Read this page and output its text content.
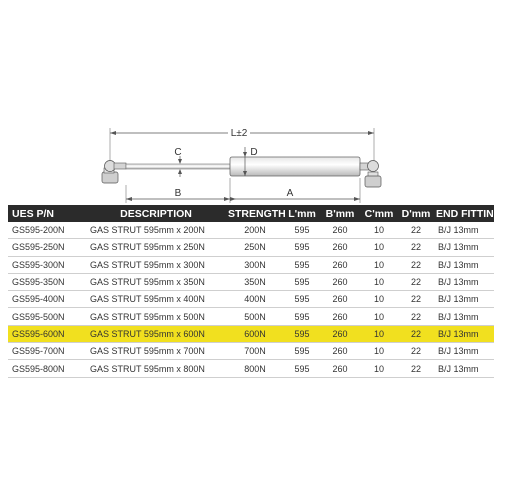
L±2
C	D
B	A
UES P/N	DESCRIPTION	STRENGTH	L'mm	B'mm	C'mm	D'mm	END FITTINGS
GS595-200N	GAS STRUT 595mm x 200N	200N	595	260	10	22	B/J 13mm
GS595-250N	GAS STRUT 595mm x 250N	250N	595	260	10	22	B/J 13mm
GS595-300N	GAS STRUT 595mm x 300N	300N	595	260	10	22	B/J 13mm
GS595-350N	GAS STRUT 595mm x 350N	350N	595	260	10	22	B/J 13mm
GS595-400N	GAS STRUT 595mm x 400N	400N	595	260	10	22	B/J 13mm
GS595-500N	GAS STRUT 595mm x 500N	500N	595	260	10	22	B/J 13mm
GS595-600N	GAS STRUT 595mm x 600N	600N	595	260	10	22	B/J 13mm
GS595-700N	GAS STRUT 595mm x 700N	700N	595	260	10	22	B/J 13mm
GS595-800N	GAS STRUT 595mm x 800N	800N	595	260	10	22	B/J 13mm
